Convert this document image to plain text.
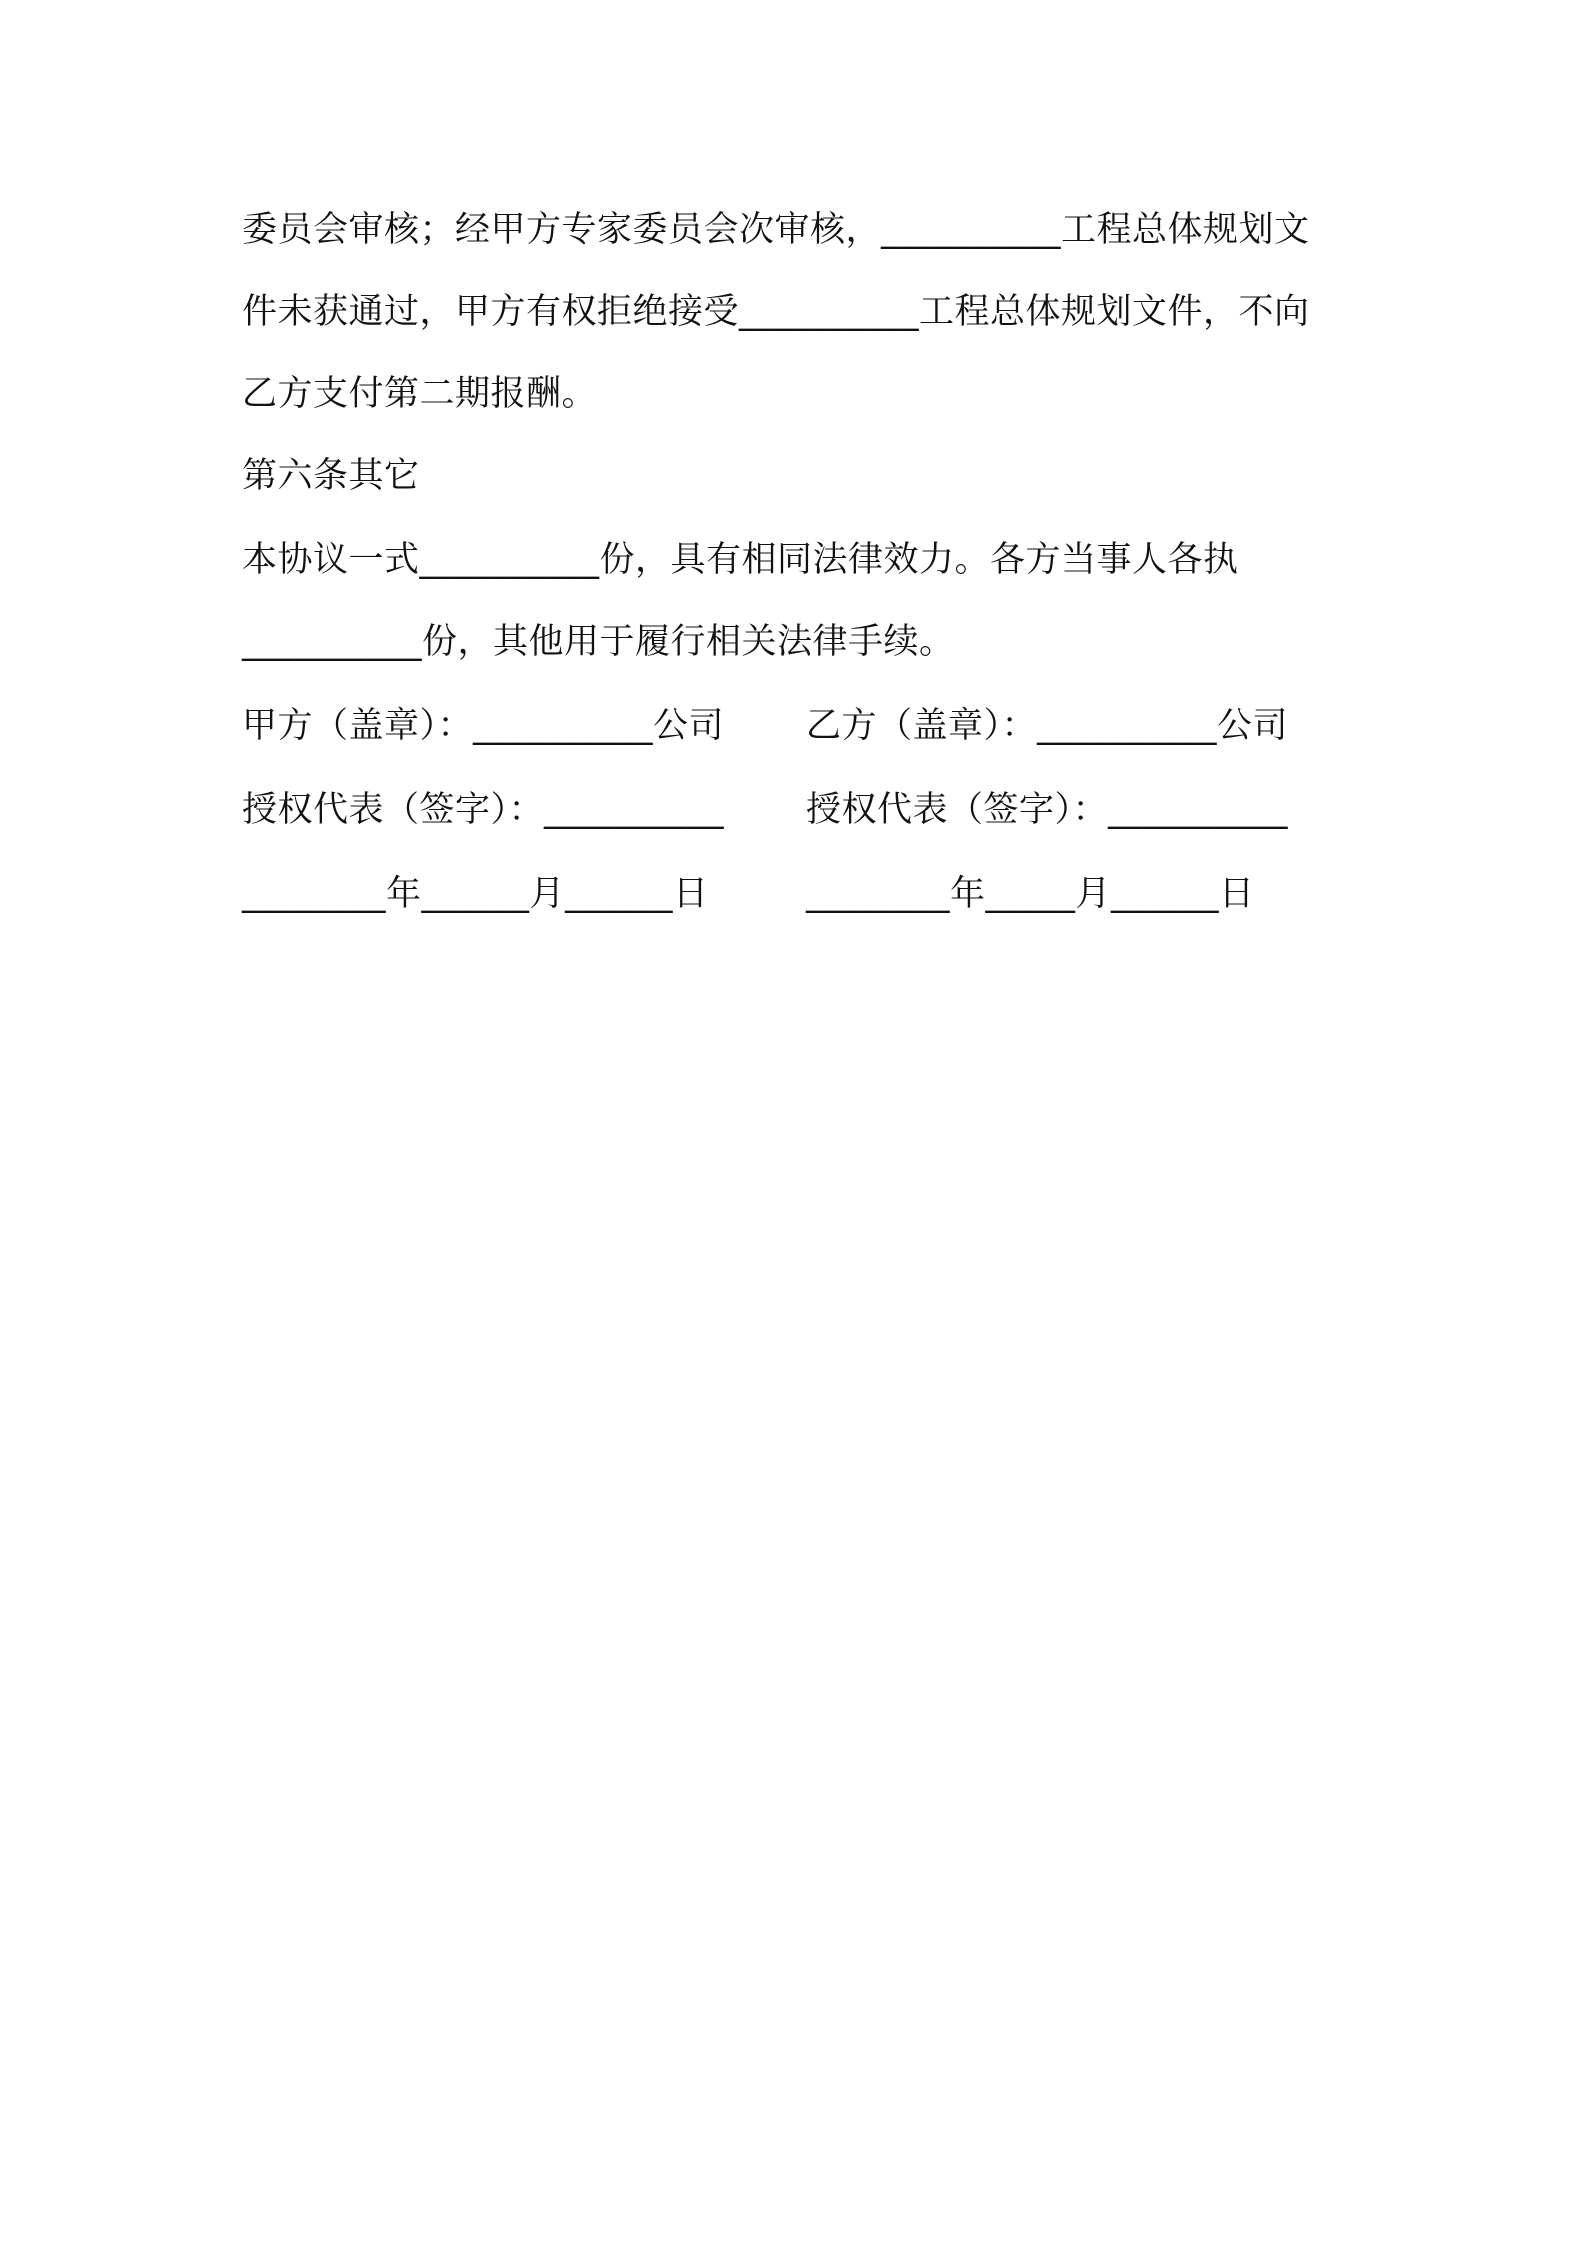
委员会审核；经甲方专家委员会次审核，__________工程总体规划文
件未获通过，甲方有权拒绝接受__________工程总体规划文件，不向
乙方支付第二期报酬。
第六条其它
本协议一式__________份，具有相同法律效力。各方当事人各执
__________份，其他用于履行相关法律手续。
甲方（盖章）：__________公司 乙方（盖章）：__________公司
授权代表（签字）：__________ 授权代表（签字）：__________
________年______月______日	________年_____月______日
